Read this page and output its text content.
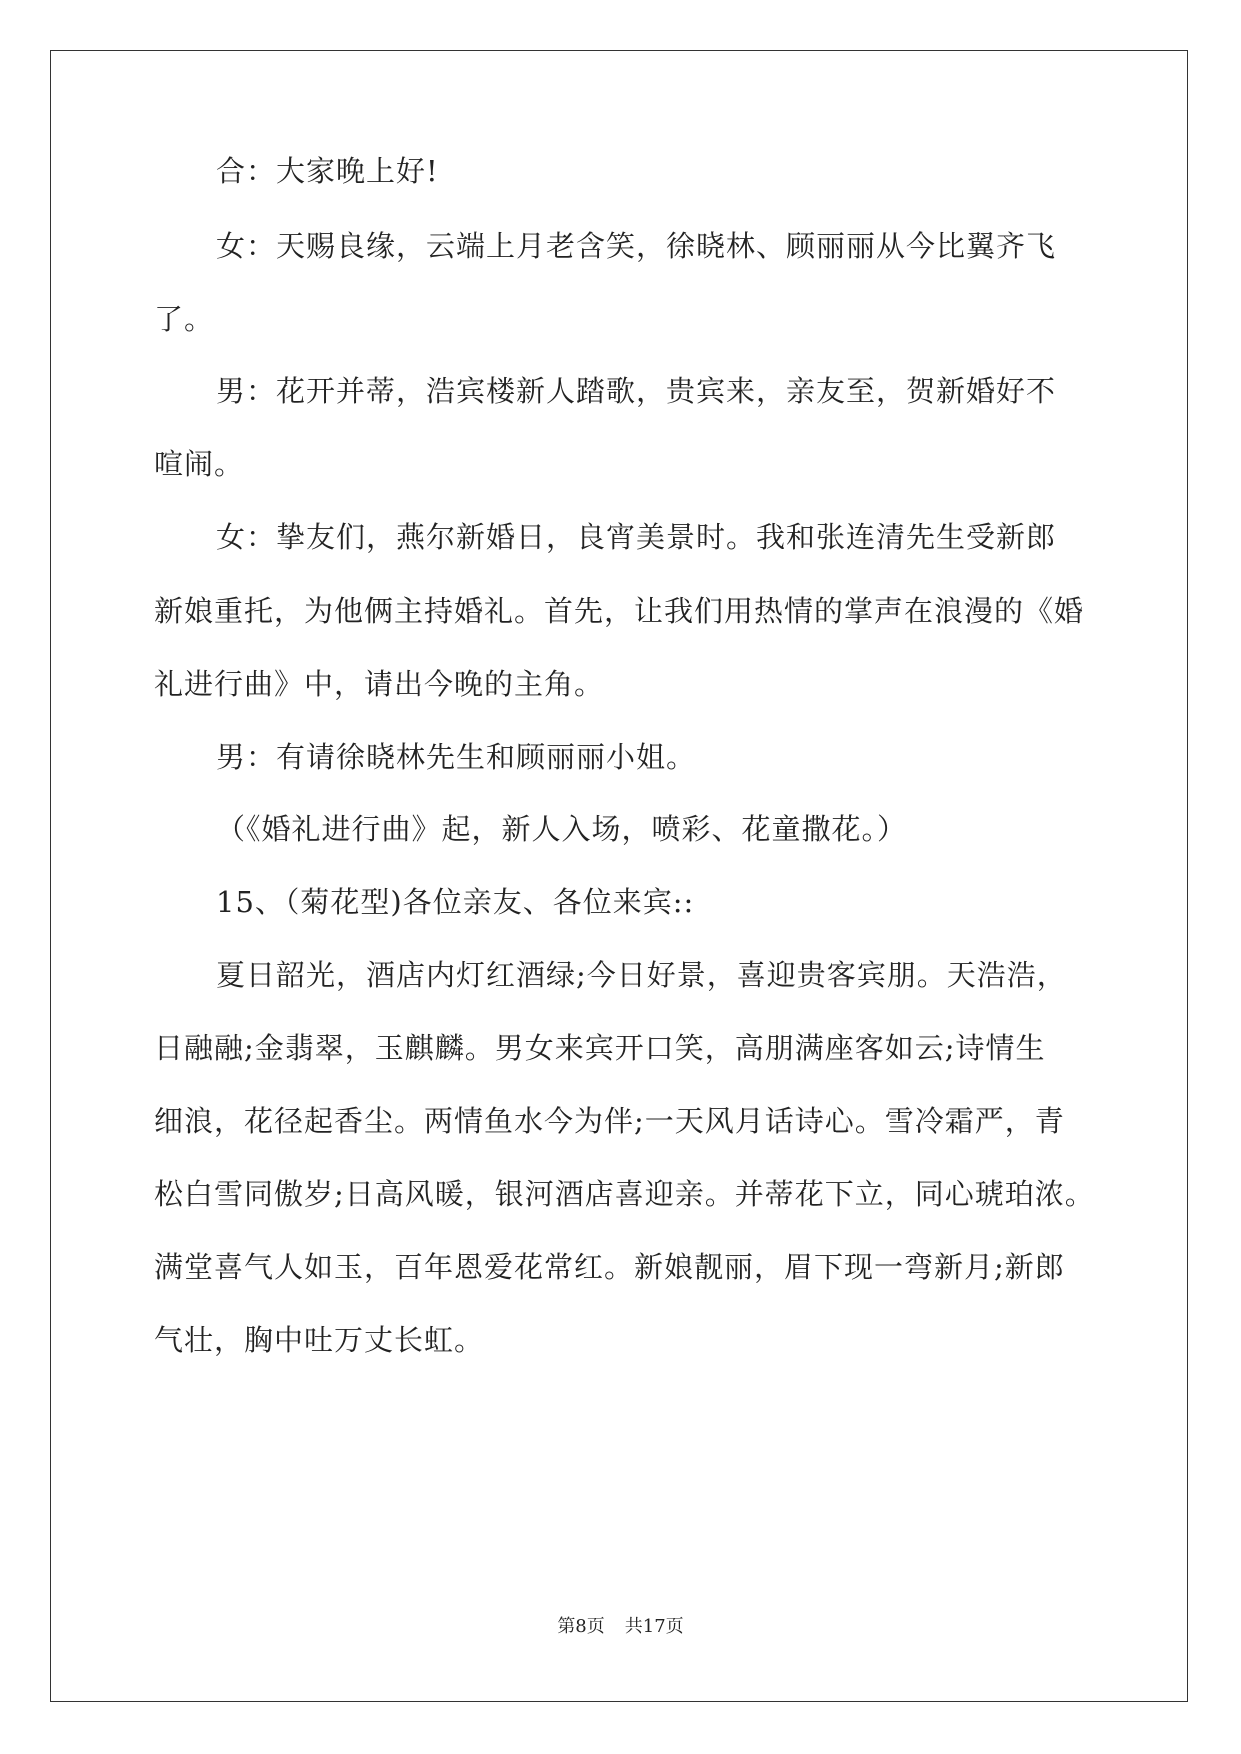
合：大家晚上好!
女：天赐良缘，云端上月老含笑，徐晓林、顾丽丽从今比翼齐飞
了。
男：花开并蒂，浩宾楼新人踏歌，贵宾来，亲友至，贺新婚好不
喧闹。
女：挚友们，燕尔新婚日，良宵美景时。我和张连清先生受新郎
新娘重托，为他俩主持婚礼。首先，让我们用热情的掌声在浪漫的《婚
礼进行曲》中，请出今晚的主角。
男：有请徐晓林先生和顾丽丽小姐。
（《婚礼进行曲》起，新人入场，喷彩、花童撒花。）
15、（菊花型)各位亲友、各位来宾::
夏日韶光，酒店内灯红酒绿;今日好景，喜迎贵客宾朋。天浩浩，
日融融;金翡翠，玉麒麟。男女来宾开口笑，高朋满座客如云;诗情生
细浪，花径起香尘。两情鱼水今为伴;一天风月话诗心。雪冷霜严，青
松白雪同傲岁;日高风暖，银河酒店喜迎亲。并蒂花下立，同心琥珀浓。
满堂喜气人如玉，百年恩爱花常红。新娘靓丽，眉下现一弯新月;新郎
气壮，胸中吐万丈长虹。
第8页 共17页
